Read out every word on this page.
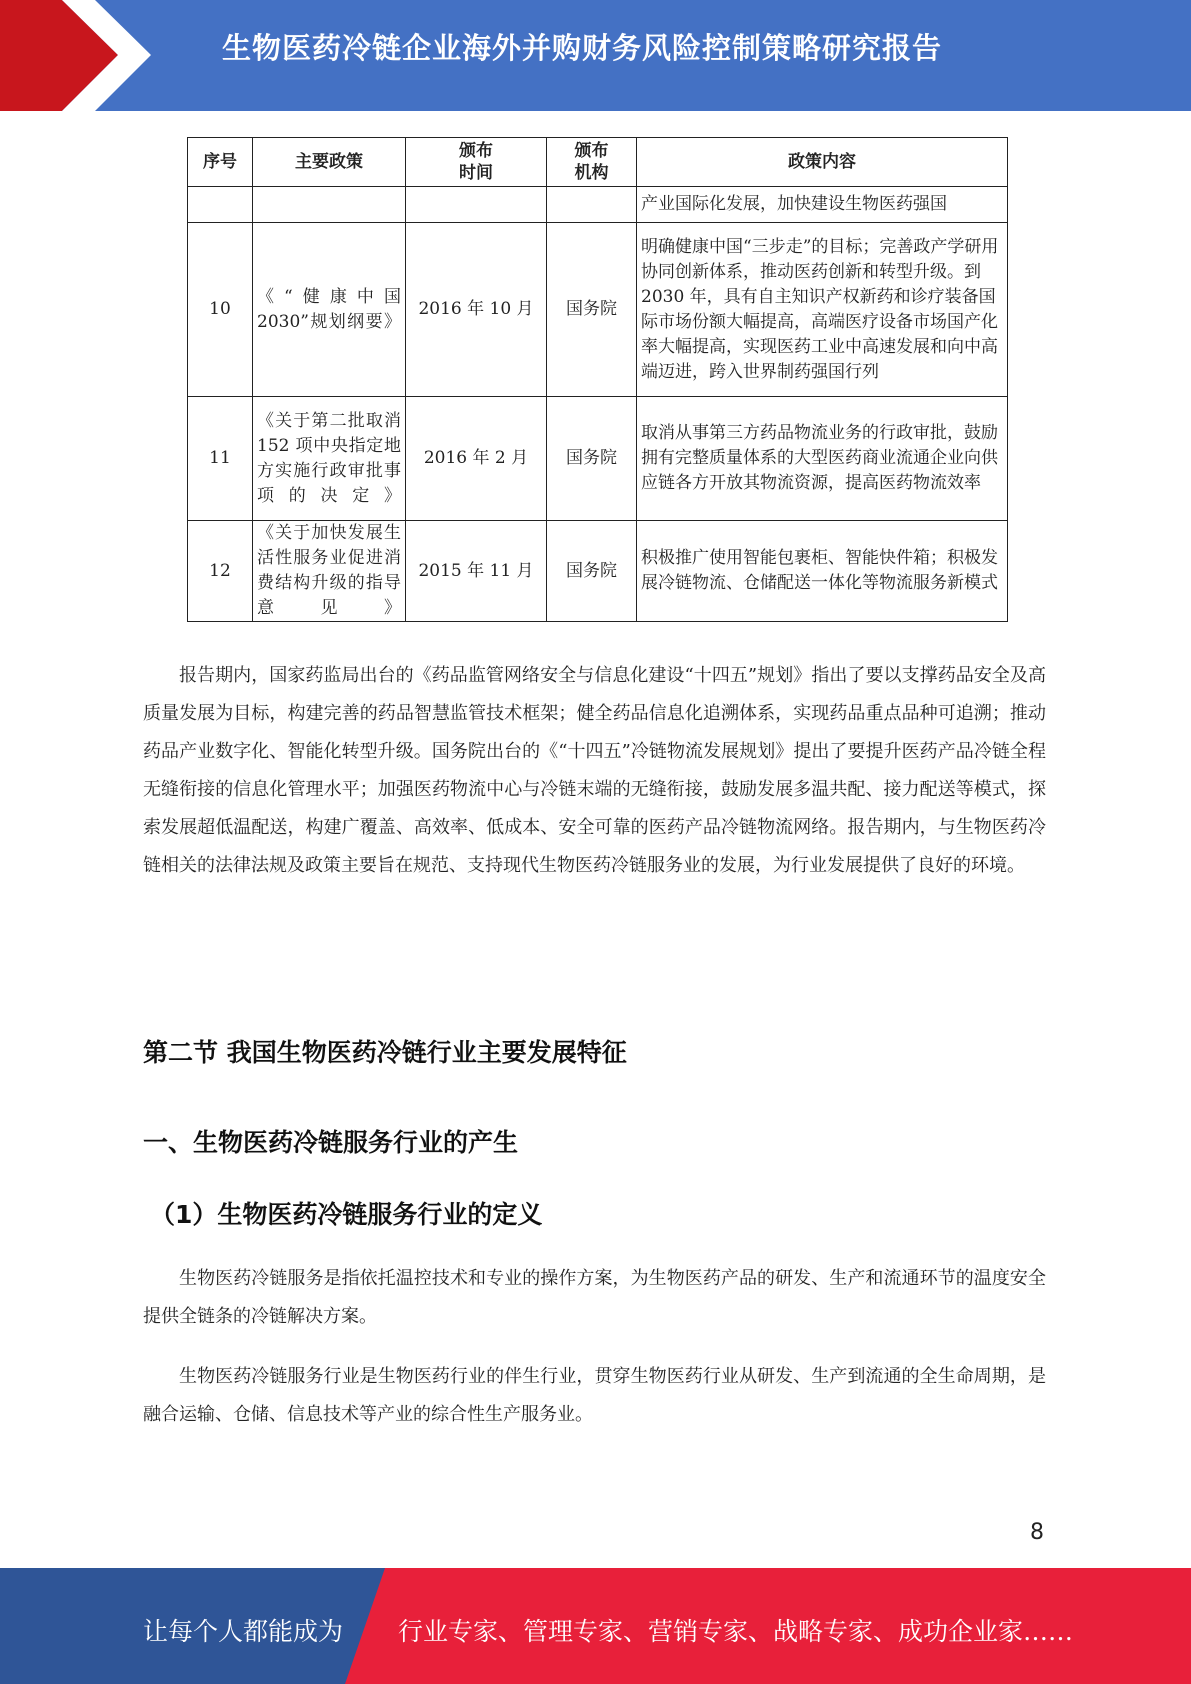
生物医药冷链企业海外并购财务风险控制策略研究报告
序号	主要政策	颁布时间	颁布机构	政策内容
				产业国际化发展，加快建设生物医药强国
10	《“健康中国2030”规划纲要》	2016 年 10 月	国务院	明确健康中国“三步走”的目标；完善政产学研用协同创新体系，推动医药创新和转型升级。到 2030 年，具有自主知识产权新药和诊疗装备国际市场份额大幅提高，高端医疗设备市场国产化率大幅提高，实现医药工业中高速发展和向中高端迈进，跨入世界制药强国行列
11	《关于第二批取消 152 项中央指定地方实施行政审批事项的决定》	2016 年 2 月	国务院	取消从事第三方药品物流业务的行政审批，鼓励拥有完整质量体系的大型医药商业流通企业向供应链各方开放其物流资源，提高医药物流效率
12	《关于加快发展生活性服务业促进消费结构升级的指导意见》	2015 年 11 月	国务院	积极推广使用智能包裹柜、智能快件箱；积极发展冷链物流、仓储配送一体化等物流服务新模式

报告期内，国家药监局出台的《药品监管网络安全与信息化建设“十四五”规划》指出了要以支撑药品安全及高质量发展为目标，构建完善的药品智慧监管技术框架；健全药品信息化追溯体系，实现药品重点品种可追溯；推动药品产业数字化、智能化转型升级。国务院出台的《“十四五”冷链物流发展规划》提出了要提升医药产品冷链全程无缝衔接的信息化管理水平；加强医药物流中心与冷链末端的无缝衔接，鼓励发展多温共配、接力配送等模式，探索发展超低温配送，构建广覆盖、高效率、低成本、安全可靠的医药产品冷链物流网络。报告期内，与生物医药冷链相关的法律法规及政策主要旨在规范、支持现代生物医药冷链服务业的发展，为行业发展提供了良好的环境。

第二节 我国生物医药冷链行业主要发展特征
一、生物医药冷链服务行业的产生
（1）生物医药冷链服务行业的定义

生物医药冷链服务是指依托温控技术和专业的操作方案，为生物医药产品的研发、生产和流通环节的温度安全提供全链条的冷链解决方案。

生物医药冷链服务行业是生物医药行业的伴生行业，贯穿生物医药行业从研发、生产到流通的全生命周期，是融合运输、仓储、信息技术等产业的综合性生产服务业。

8
让每个人都能成为 行业专家、管理专家、营销专家、战略专家、成功企业家……
